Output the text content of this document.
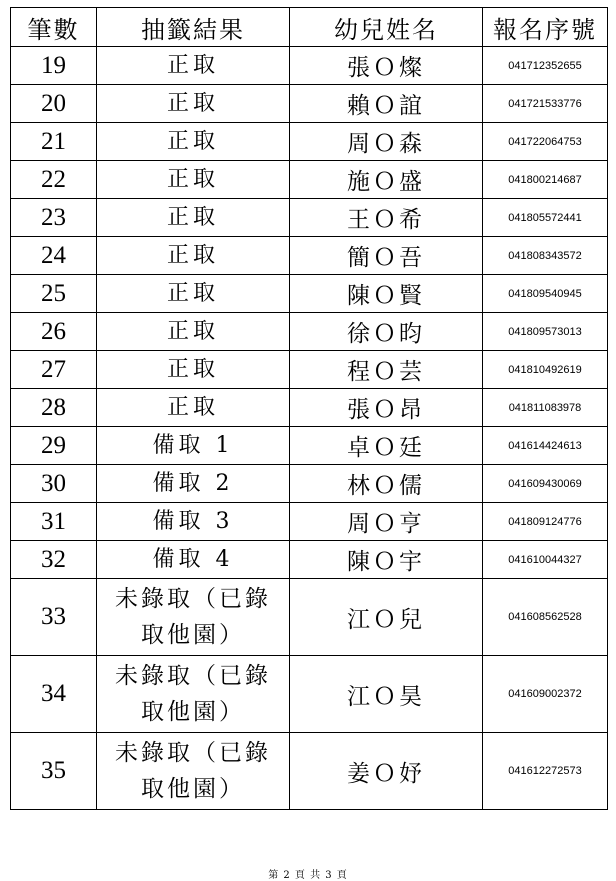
筆數	抽籤結果	幼兒姓名	報名序號
19	正取	張Ｏ燦	041712352655
20	正取	賴Ｏ誼	041721533776
21	正取	周Ｏ森	041722064753
22	正取	施Ｏ盛	041800214687
23	正取	王Ｏ希	041805572441
24	正取	簡Ｏ吾	041808343572
25	正取	陳Ｏ賢	041809540945
26	正取	徐Ｏ昀	041809573013
27	正取	程Ｏ芸	041810492619
28	正取	張Ｏ昂	041811083978
29	備取 1	卓Ｏ廷	041614424613
30	備取 2	林Ｏ儒	041609430069
31	備取 3	周Ｏ亨	041809124776
32	備取 4	陳Ｏ宇	041610044327
33	未錄取（已錄
取他園）	江Ｏ兒	041608562528
34	未錄取（已錄
取他園）	江Ｏ昊	041609002372
35	未錄取（已錄
取他園）	姜Ｏ妤	041612272573
第 2 頁 共 3 頁
